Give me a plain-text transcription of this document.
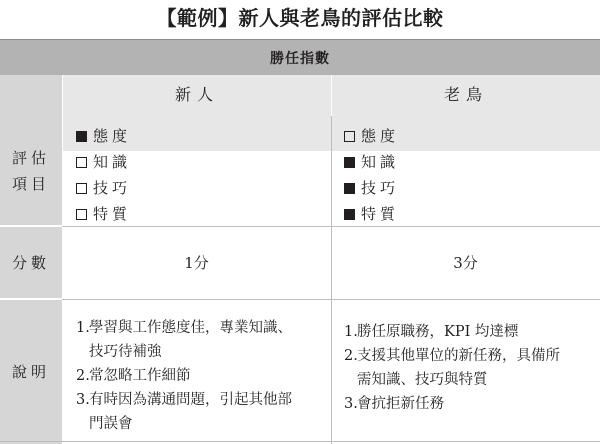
【範例】新人與老鳥的評估比較
勝任指數
新人	老鳥
評估
項目
分數
說明
態度
知識
技巧
特質
態度
知識
技巧
特質
1分	3分
1. 學習與工作態度佳，專業知識、
技巧待補強
2. 常忽略工作細節
3. 有時因為溝通問題，引起其他部
門誤會
1. 勝任原職務，KPI 均達標
2. 支援其他單位的新任務，具備所
需知識、技巧與特質
3. 會抗拒新任務
